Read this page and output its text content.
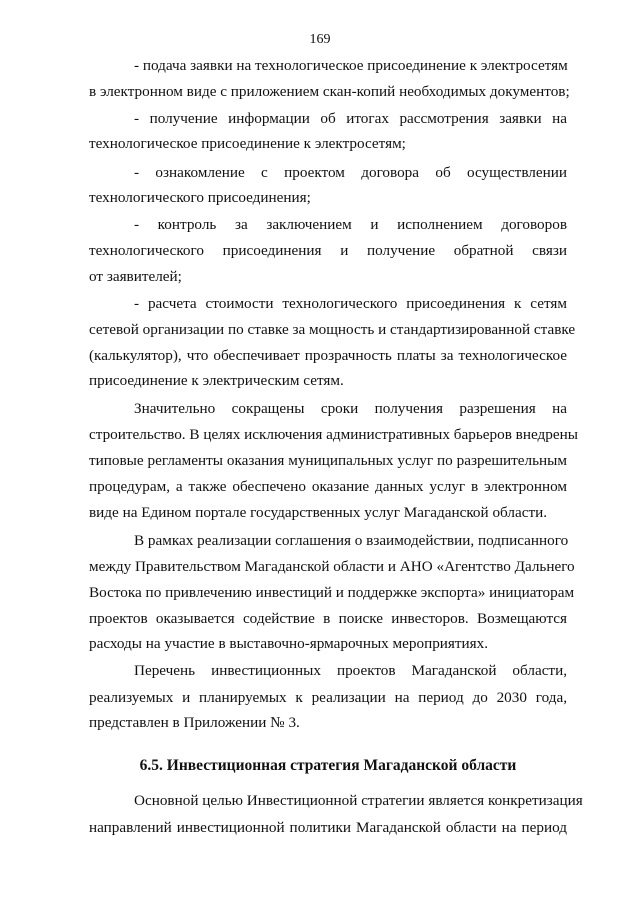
169
- подача заявки на технологическое присоединение к электросетям
в электронном виде с приложением скан-копий необходимых документов;
- получение информации об итогах рассмотрения заявки на
технологическое присоединение к электросетям;
- ознакомление с проектом договора об осуществлении
технологического присоединения;
- контроль за заключением и исполнением договоров
технологического присоединения и получение обратной связи
от заявителей;
- расчета стоимости технологического присоединения к сетям
сетевой организации по ставке за мощность и стандартизированной ставке
(калькулятор), что обеспечивает прозрачность платы за технологическое
присоединение к электрическим сетям.
Значительно сокращены сроки получения разрешения на
строительство. В целях исключения административных барьеров внедрены
типовые регламенты оказания муниципальных услуг по разрешительным
процедурам, а также обеспечено оказание данных услуг в электронном
виде на Едином портале государственных услуг Магаданской области.
В рамках реализации соглашения о взаимодействии, подписанного
между Правительством Магаданской области и АНО «Агентство Дальнего
Востока по привлечению инвестиций и поддержке экспорта» инициаторам
проектов оказывается содействие в поиске инвесторов. Возмещаются
расходы на участие в выставочно-ярмарочных мероприятиях.
Перечень инвестиционных проектов Магаданской области,
реализуемых и планируемых к реализации на период до 2030 года,
представлен в Приложении № 3.
6.5. Инвестиционная стратегия Магаданской области
Основной целью Инвестиционной стратегии является конкретизация
направлений инвестиционной политики Магаданской области на период
